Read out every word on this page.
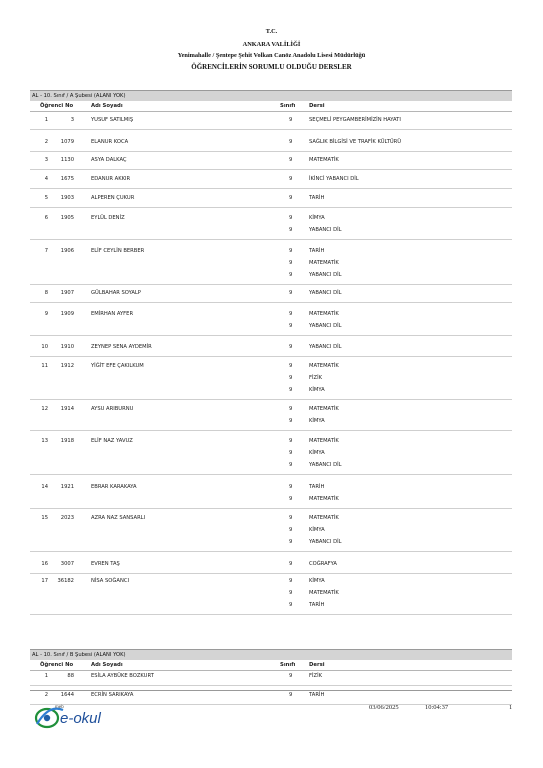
T.C.
ANKARA VALİLİĞİ
Yenimahalle / Şentepe Şehit Volkan Canöz Anadolu Lisesi Müdürlüğü
ÖĞRENCİLERİN SORUMLU OLDUĞU DERSLER
AL - 10. Sınıf / A Şubesi (ALANI YOK)
Öğrenci No	Adı Soyadı	Sınıfı	Dersi
1	3	YUSUF SATILMIŞ	9	SEÇMELİ PEYGAMBERİMİZİN HAYATI
2	1079	ELANUR KOCA	9	SAĞLIK BİLGİSİ VE TRAFİK KÜLTÜRÜ
3	1130	ASYA DALKAÇ	9	MATEMATİK
4	1675	EDANUR AKKIR	9	İKİNCİ YABANCI DİL
5	1903	ALPEREN ÇUKUR	9	TARİH
6	1905	EYLÜL DENİZ	9	KİMYA
9	YABANCI DİL
7	1906	ELİF CEYLİN BERBER	9	TARİH
9	MATEMATİK
9	YABANCI DİL
8	1907	GÜLBAHAR SOYALP	9	YABANCI DİL
9	1909	EMİRHAN AYFER	9	MATEMATİK
9	YABANCI DİL
10	1910	ZEYNEP SENA AYDEMİR	9	YABANCI DİL
11	1912	YİĞİT EFE ÇAKILKUM	9	MATEMATİK
9	FİZİK
9	KİMYA
12	1914	AYSU ARIBURNU	9	MATEMATİK
9	KİMYA
13	1918	ELİF NAZ YAVUZ	9	MATEMATİK
9	KİMYA
9	YABANCI DİL
14	1921	EBRAR KARAKAYA	9	TARİH
9	MATEMATİK
15	2023	AZRA NAZ SANSARLI	9	MATEMATİK
9	KİMYA
9	YABANCI DİL
16	3007	EVREN TAŞ	9	COĞRAFYA
17	36182	NİSA SOĞANCI	9	KİMYA
9	MATEMATİK
9	TARİH
AL - 10. Sınıf / B Şubesi (ALANI YOK)
Öğrenci No	Adı Soyadı	Sınıfı	Dersi
1	88	ESİLA AYBÜKE BOZKURT	9	FİZİK
2	1644	ECRİN SARIKAYA	9	TARİH
meb
e-okul
03/06/2025	10:04:37	1
